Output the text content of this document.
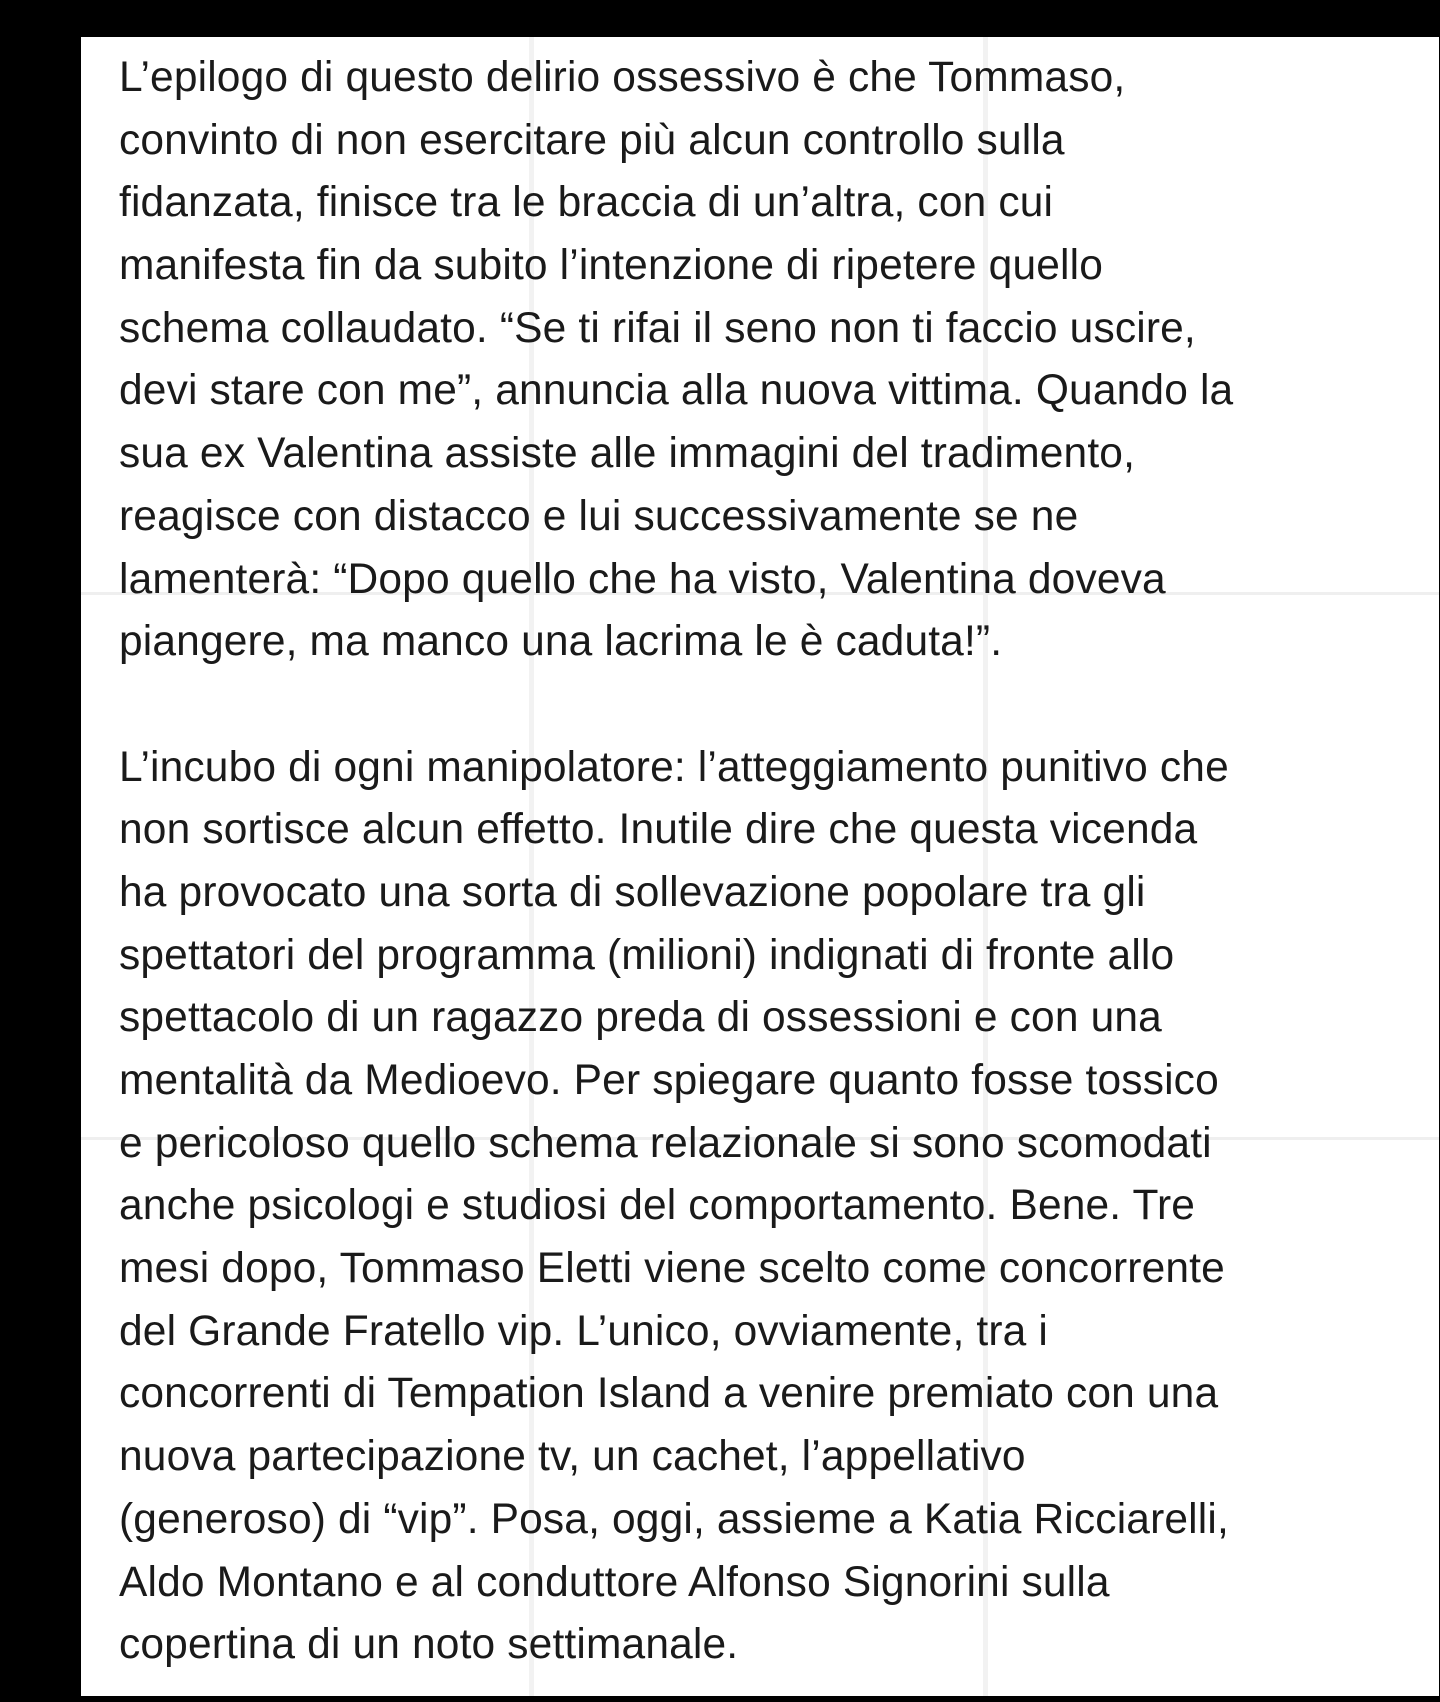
L’epilogo di questo delirio ossessivo è che Tommaso,
convinto di non esercitare più alcun controllo sulla
fidanzata, finisce tra le braccia di un’altra, con cui
manifesta fin da subito l’intenzione di ripetere quello
schema collaudato. “Se ti rifai il seno non ti faccio uscire,
devi stare con me”, annuncia alla nuova vittima. Quando la
sua ex Valentina assiste alle immagini del tradimento,
reagisce con distacco e lui successivamente se ne
lamenterà: “Dopo quello che ha visto, Valentina doveva
piangere, ma manco una lacrima le è caduta!”.
L’incubo di ogni manipolatore: l’atteggiamento punitivo che
non sortisce alcun effetto. Inutile dire che questa vicenda
ha provocato una sorta di sollevazione popolare tra gli
spettatori del programma (milioni) indignati di fronte allo
spettacolo di un ragazzo preda di ossessioni e con una
mentalità da Medioevo. Per spiegare quanto fosse tossico
e pericoloso quello schema relazionale si sono scomodati
anche psicologi e studiosi del comportamento. Bene. Tre
mesi dopo, Tommaso Eletti viene scelto come concorrente
del Grande Fratello vip. L’unico, ovviamente, tra i
concorrenti di Tempation Island a venire premiato con una
nuova partecipazione tv, un cachet, l’appellativo
(generoso) di “vip”. Posa, oggi, assieme a Katia Ricciarelli,
Aldo Montano e al conduttore Alfonso Signorini sulla
copertina di un noto settimanale.
